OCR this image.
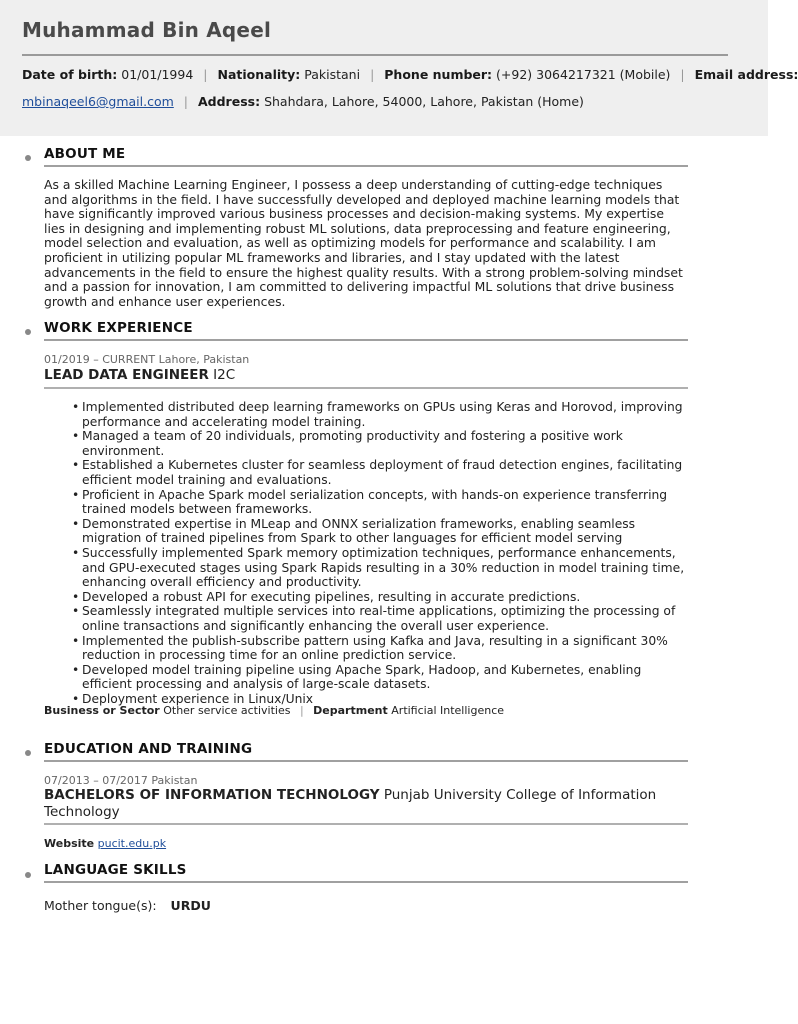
Muhammad Bin Aqeel
Date of birth: 01/01/1994 | Nationality: Pakistani | Phone number: (+92) 3064217321 (Mobile) | Email address:
mbinaqeel6@gmail.com | Address: Shahdara, Lahore, 54000, Lahore, Pakistan (Home)
ABOUT ME
As a skilled Machine Learning Engineer, I possess a deep understanding of cutting-edge techniques and algorithms in the field. I have successfully developed and deployed machine learning models that have significantly improved various business processes and decision-making systems. My expertise lies in designing and implementing robust ML solutions, data preprocessing and feature engineering, model selection and evaluation, as well as optimizing models for performance and scalability. I am proficient in utilizing popular ML frameworks and libraries, and I stay updated with the latest advancements in the field to ensure the highest quality results. With a strong problem-solving mindset and a passion for innovation, I am committed to delivering impactful ML solutions that drive business growth and enhance user experiences.
WORK EXPERIENCE
01/2019 – CURRENT Lahore, Pakistan
LEAD DATA ENGINEER I2C
• Implemented distributed deep learning frameworks on GPUs using Keras and Horovod, improving performance and accelerating model training.
• Managed a team of 20 individuals, promoting productivity and fostering a positive work environment.
• Established a Kubernetes cluster for seamless deployment of fraud detection engines, facilitating efficient model training and evaluations.
• Proficient in Apache Spark model serialization concepts, with hands-on experience transferring trained models between frameworks.
• Demonstrated expertise in MLeap and ONNX serialization frameworks, enabling seamless migration of trained pipelines from Spark to other languages for efficient model serving
• Successfully implemented Spark memory optimization techniques, performance enhancements, and GPU-executed stages using Spark Rapids resulting in a 30% reduction in model training time, enhancing overall efficiency and productivity.
• Developed a robust API for executing pipelines, resulting in accurate predictions.
• Seamlessly integrated multiple services into real-time applications, optimizing the processing of online transactions and significantly enhancing the overall user experience.
• Implemented the publish-subscribe pattern using Kafka and Java, resulting in a significant 30% reduction in processing time for an online prediction service.
• Developed model training pipeline using Apache Spark, Hadoop, and Kubernetes, enabling efficient processing and analysis of large-scale datasets.
• Deployment experience in Linux/Unix
Business or Sector Other service activities | Department Artificial Intelligence
EDUCATION AND TRAINING
07/2013 – 07/2017 Pakistan
BACHELORS OF INFORMATION TECHNOLOGY Punjab University College of Information Technology
Website pucit.edu.pk
LANGUAGE SKILLS
Mother tongue(s): URDU
